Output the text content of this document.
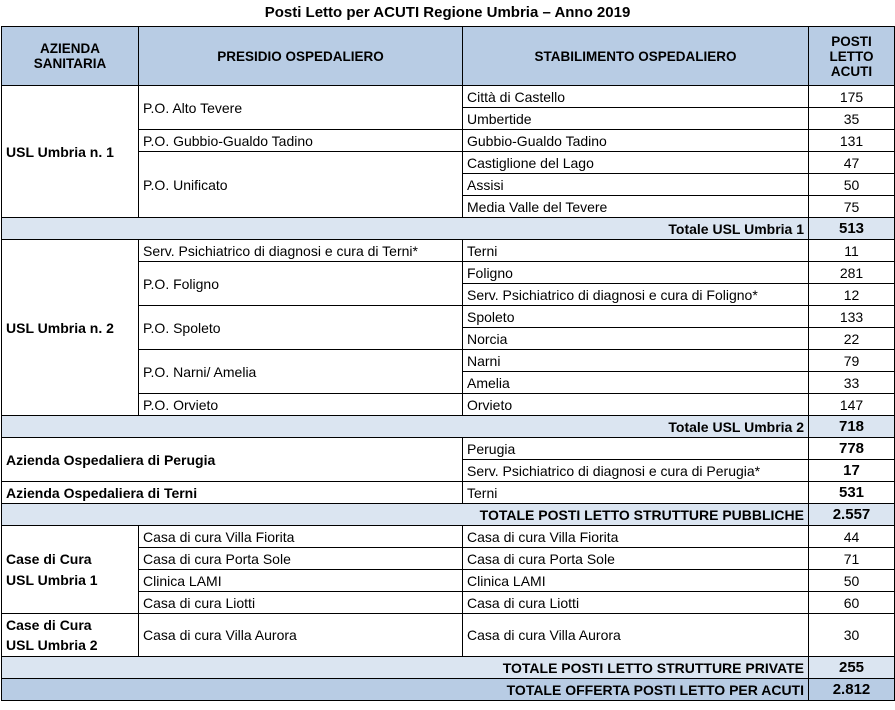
Posti Letto per ACUTI Regione Umbria – Anno 2019
AZIENDA SANITARIA	PRESIDIO OSPEDALIERO	STABILIMENTO OSPEDALIERO	POSTI LETTO ACUTI
USL Umbria n. 1	P.O. Alto Tevere	Città di Castello	175
		Umbertide	35
	P.O. Gubbio-Gualdo Tadino	Gubbio-Gualdo Tadino	131
	P.O. Unificato	Castiglione del Lago	47
		Assisi	50
		Media Valle del Tevere	75
Totale USL Umbria 1			513
USL Umbria n. 2	Serv. Psichiatrico di diagnosi e cura di Terni*	Terni	11
	P.O. Foligno	Foligno	281
		Serv. Psichiatrico di diagnosi e cura di Foligno*	12
	P.O. Spoleto	Spoleto	133
		Norcia	22
	P.O. Narni/ Amelia	Narni	79
		Amelia	33
	P.O. Orvieto	Orvieto	147
Totale USL Umbria 2			718
Azienda Ospedaliera di Perugia		Perugia	778
		Serv. Psichiatrico di diagnosi e cura di Perugia*	17
Azienda Ospedaliera di Terni		Terni	531
TOTALE POSTI LETTO STRUTTURE PUBBLICHE			2.557

Case di Cura
USL Umbria 1	Casa di cura Villa Fiorita	Casa di cura Villa Fiorita	44
	Casa di cura Porta Sole	Casa di cura Porta Sole	71
	Clinica LAMI	Clinica LAMI	50
	Casa di cura Liotti	Casa di cura Liotti	60

Case di Cura
USL Umbria 2	Casa di cura Villa Aurora	Casa di cura Villa Aurora	30
TOTALE POSTI LETTO STRUTTURE PRIVATE			255
TOTALE OFFERTA POSTI LETTO PER ACUTI			2.812
